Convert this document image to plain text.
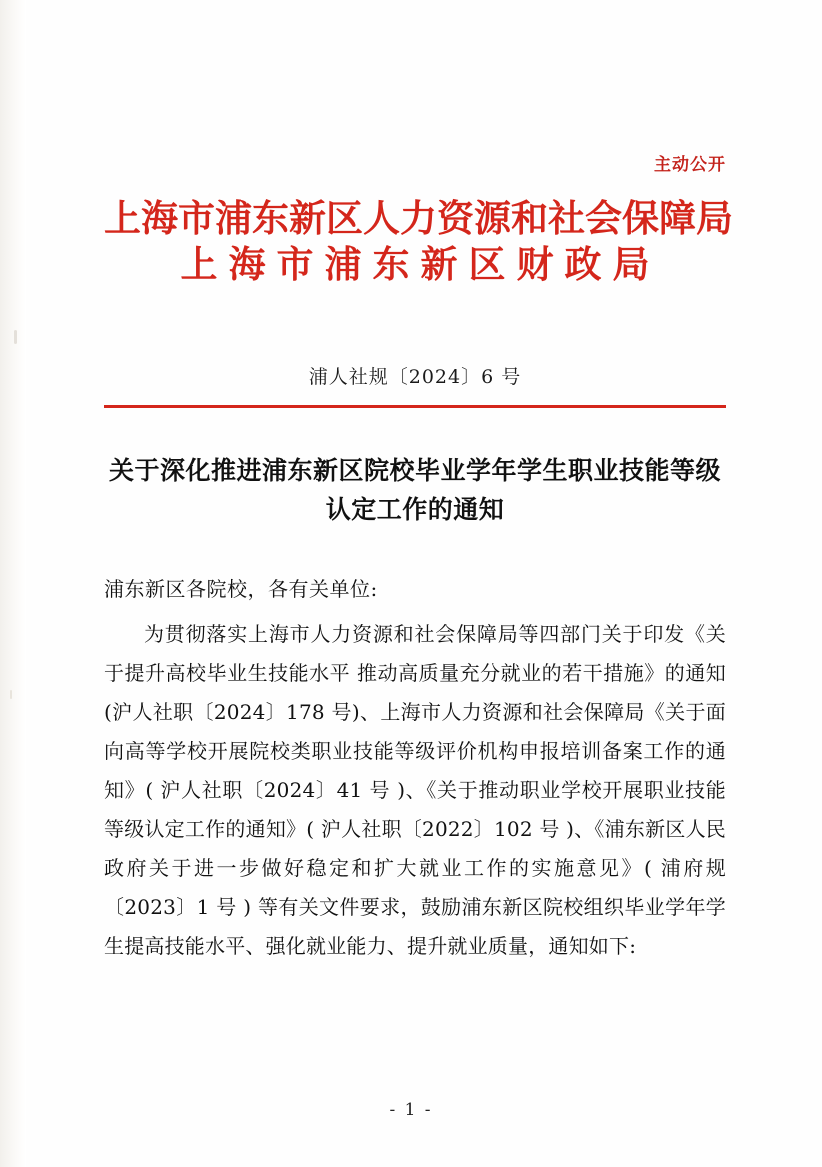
主动公开
上海市浦东新区人力资源和社会保障局
上海市浦东新区财政局
浦人社规〔2024〕6 号
关于深化推进浦东新区院校毕业学年学生职业技能等级认定工作的通知
浦东新区各院校，各有关单位:
为贯彻落实上海市人力资源和社会保障局等四部门关于印发《关于提升高校毕业生技能水平 推动高质量充分就业的若干措施》的通知(沪人社职〔2024〕178 号)、上海市人力资源和社会保障局《关于面向高等学校开展院校类职业技能等级评价机构申报培训备案工作的通知》( 沪人社职〔2024〕41 号 )、《关于推动职业学校开展职业技能等级认定工作的通知》( 沪人社职〔2022〕102 号 )、《浦东新区人民政府关于进一步做好稳定和扩大就业工作的实施意见》( 浦府规〔2023〕1 号 ) 等有关文件要求，鼓励浦东新区院校组织毕业学年学生提高技能水平、强化就业能力、提升就业质量，通知如下:
- 1 -
